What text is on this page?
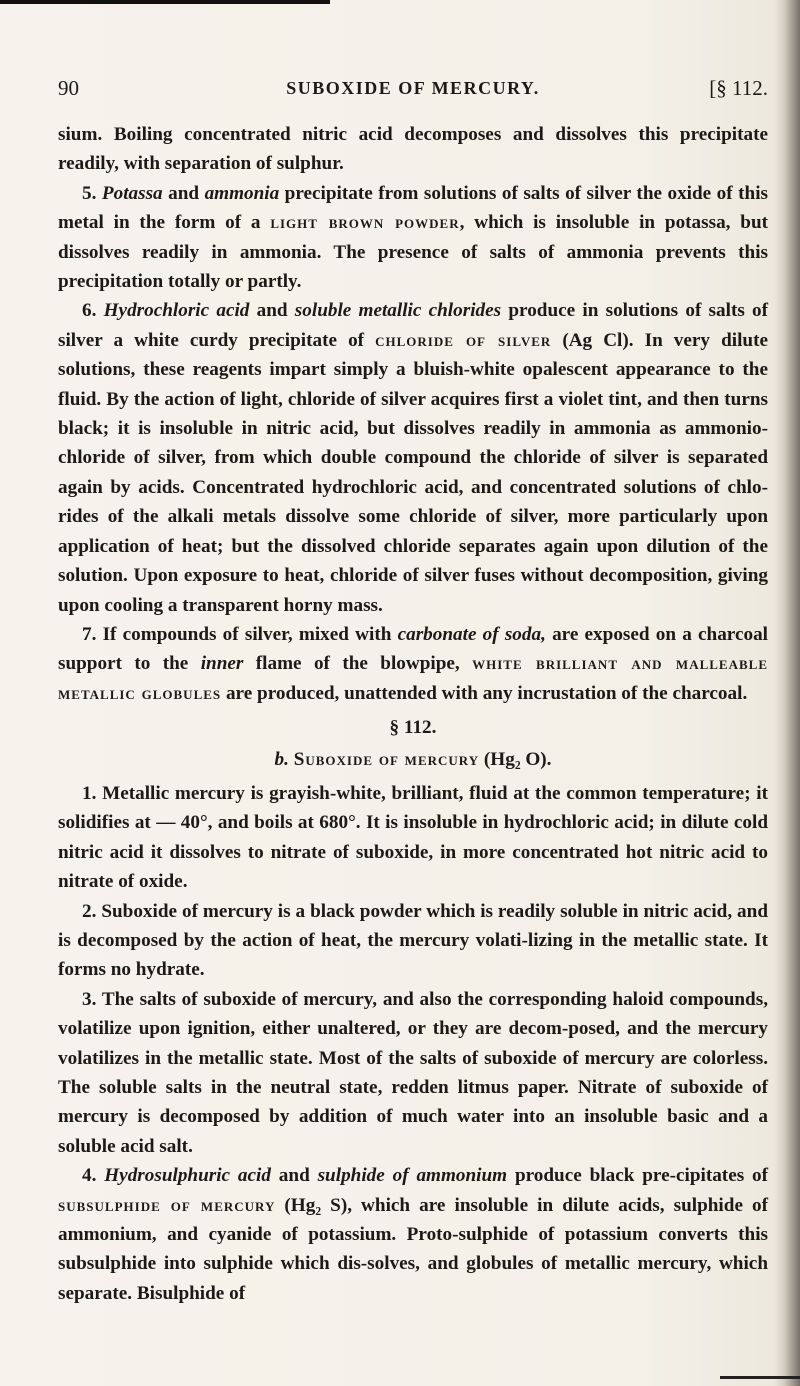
90	SUBOXIDE OF MERCURY.	[§ 112.

sium. Boiling concentrated nitric acid decomposes and dissolves this precipitate readily, with separation of sulphur.

5. Potassa and ammonia precipitate from solutions of salts of silver the oxide of this metal in the form of a light brown powder, which is insoluble in potassa, but dissolves readily in ammonia. The presence of salts of ammonia prevents this precipitation totally or partly.

6. Hydrochloric acid and soluble metallic chlorides produce in solutions of salts of silver a white curdy precipitate of chloride of silver (Ag Cl). In very dilute solutions, these reagents impart simply a bluish-white opalescent appearance to the fluid. By the action of light, chloride of silver acquires first a violet tint, and then turns black; it is insoluble in nitric acid, but dissolves readily in ammonia as ammonio-chloride of silver, from which double compound the chloride of silver is separated again by acids. Concentrated hydrochloric acid, and concentrated solutions of chlo-rides of the alkali metals dissolve some chloride of silver, more particularly upon application of heat; but the dissolved chloride separates again upon dilution of the solution. Upon exposure to heat, chloride of silver fuses without decomposition, giving upon cooling a transparent horny mass.

7. If compounds of silver, mixed with carbonate of soda, are exposed on a charcoal support to the inner flame of the blowpipe, white brilliant and malleable metallic globules are produced, unattended with any incrustation of the charcoal.

§ 112.

b. Suboxide of mercury (Hg₂ O).

1. Metallic mercury is grayish-white, brilliant, fluid at the common temperature; it solidifies at — 40°, and boils at 680°. It is insoluble in hydrochloric acid; in dilute cold nitric acid it dissolves to nitrate of suboxide, in more concentrated hot nitric acid to nitrate of oxide.

2. Suboxide of mercury is a black powder which is readily soluble in nitric acid, and is decomposed by the action of heat, the mercury volati-lizing in the metallic state. It forms no hydrate.

3. The salts of suboxide of mercury, and also the corresponding haloid compounds, volatilize upon ignition, either unaltered, or they are decom-posed, and the mercury volatilizes in the metallic state. Most of the salts of suboxide of mercury are colorless. The soluble salts in the neutral state, redden litmus paper. Nitrate of suboxide of mercury is decomposed by addition of much water into an insoluble basic and a soluble acid salt.

4. Hydrosulphuric acid and sulphide of ammonium produce black pre-cipitates of subsulphide of mercury (Hg₂ S), which are insoluble in dilute acids, sulphide of ammonium, and cyanide of potassium. Proto-sulphide of potassium converts this subsulphide into sulphide which dis-solves, and globules of metallic mercury, which separate. Bisulphide of
